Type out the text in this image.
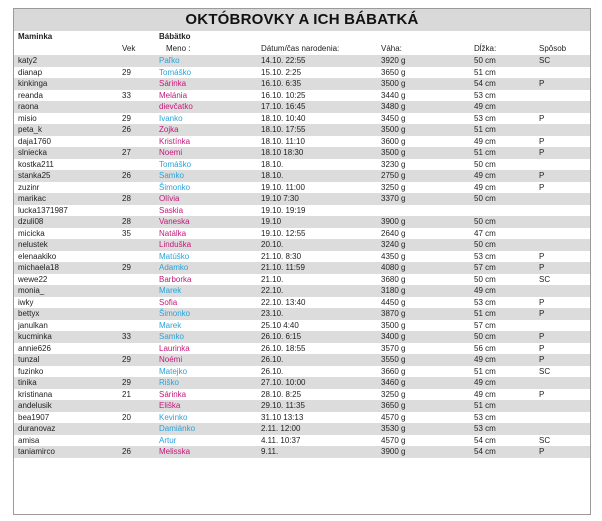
OKTÓBROVKY A ICH BÁBATKÁ
Maminka	Bábätko
Vek	Meno :	Dátum/čas narodenia:	Váha:	Dĺžka:	Spôsob
katy2	Paľko	14.10. 22:55	3920 g	50 cm	SC
dianap	29	Tomáško	15.10. 2:25	3650 g	51 cm
kinkinga	Sárinka	16.10. 6:35	3500 g	54 cm	P
reanda	33	Melánia	16.10. 10:25	3440 g	53 cm
raona	dievčatko	17.10. 16:45	3480 g	49 cm
misio	29	Ivanko	18.10. 10:40	3450 g	53 cm	P
peta_k	26	Zojka	18.10. 17:55	3500 g	51 cm
daja1760	Kristínka	18.10. 11:10	3600 g	49 cm	P
slniecka	27	Noemi	18.10 18:30	3500 g	51 cm	P
kostka211	Tomáško	18.10.	3230 g	50 cm
stanka25	26	Samko	18.10.	2750 g	49 cm	P
zuzinr	Šimonko	19.10. 11:00	3250 g	49 cm	P
marikac	28	Olívia	19.10 7:30	3370 g	50 cm
lucka1371987	Saskia	19.10. 19:19
dzuli08	28	Vaneska	19.10	3900 g	50 cm
micicka	35	Natálka	19.10. 12:55	2640 g	47 cm
nelustek	Linduška	20.10.	3240 g	50 cm
elenaakiko	Matúško	21.10. 8:30	4350 g	53 cm	P
michaela18	29	Adamko	21.10. 11:59	4080 g	57 cm	P
wewe22	Barborka	21.10.	3680 g	50 cm	SC
monia_	Marek	22.10.	3180 g	49 cm
iwky	Sofia	22.10. 13:40	4450 g	53 cm	P
bettyx	Šimonko	23.10.	3870 g	51 cm	P
janulkan	Marek	25.10 4:40	3500 g	57 cm
kucminka	33	Samko	26.10. 6:15	3400 g	50 cm	P
annie626	Laurinka	26.10. 18:55	3570 g	56 cm	P
tunzal	29	Noémi	26.10.	3550 g	49 cm	P
fuzinko	Matejko	26.10.	3660 g	51 cm	SC
tinika	29	Riško	27.10. 10:00	3460 g	49 cm
kristinana	21	Sárinka	28.10. 8:25	3250 g	49 cm	P
andelusik	Eliška	29.10. 11:35	3650 g	51 cm
bea1907	20	Kevinko	31.10 13:13	4570 g	53 cm
duranovaz	Damiánko	2.11. 12:00	3530 g	53 cm
amisa	Artur	4.11. 10:37	4570 g	54 cm	SC
taniamirco	26	Melisska	9.11.	3900 g	54 cm	P
